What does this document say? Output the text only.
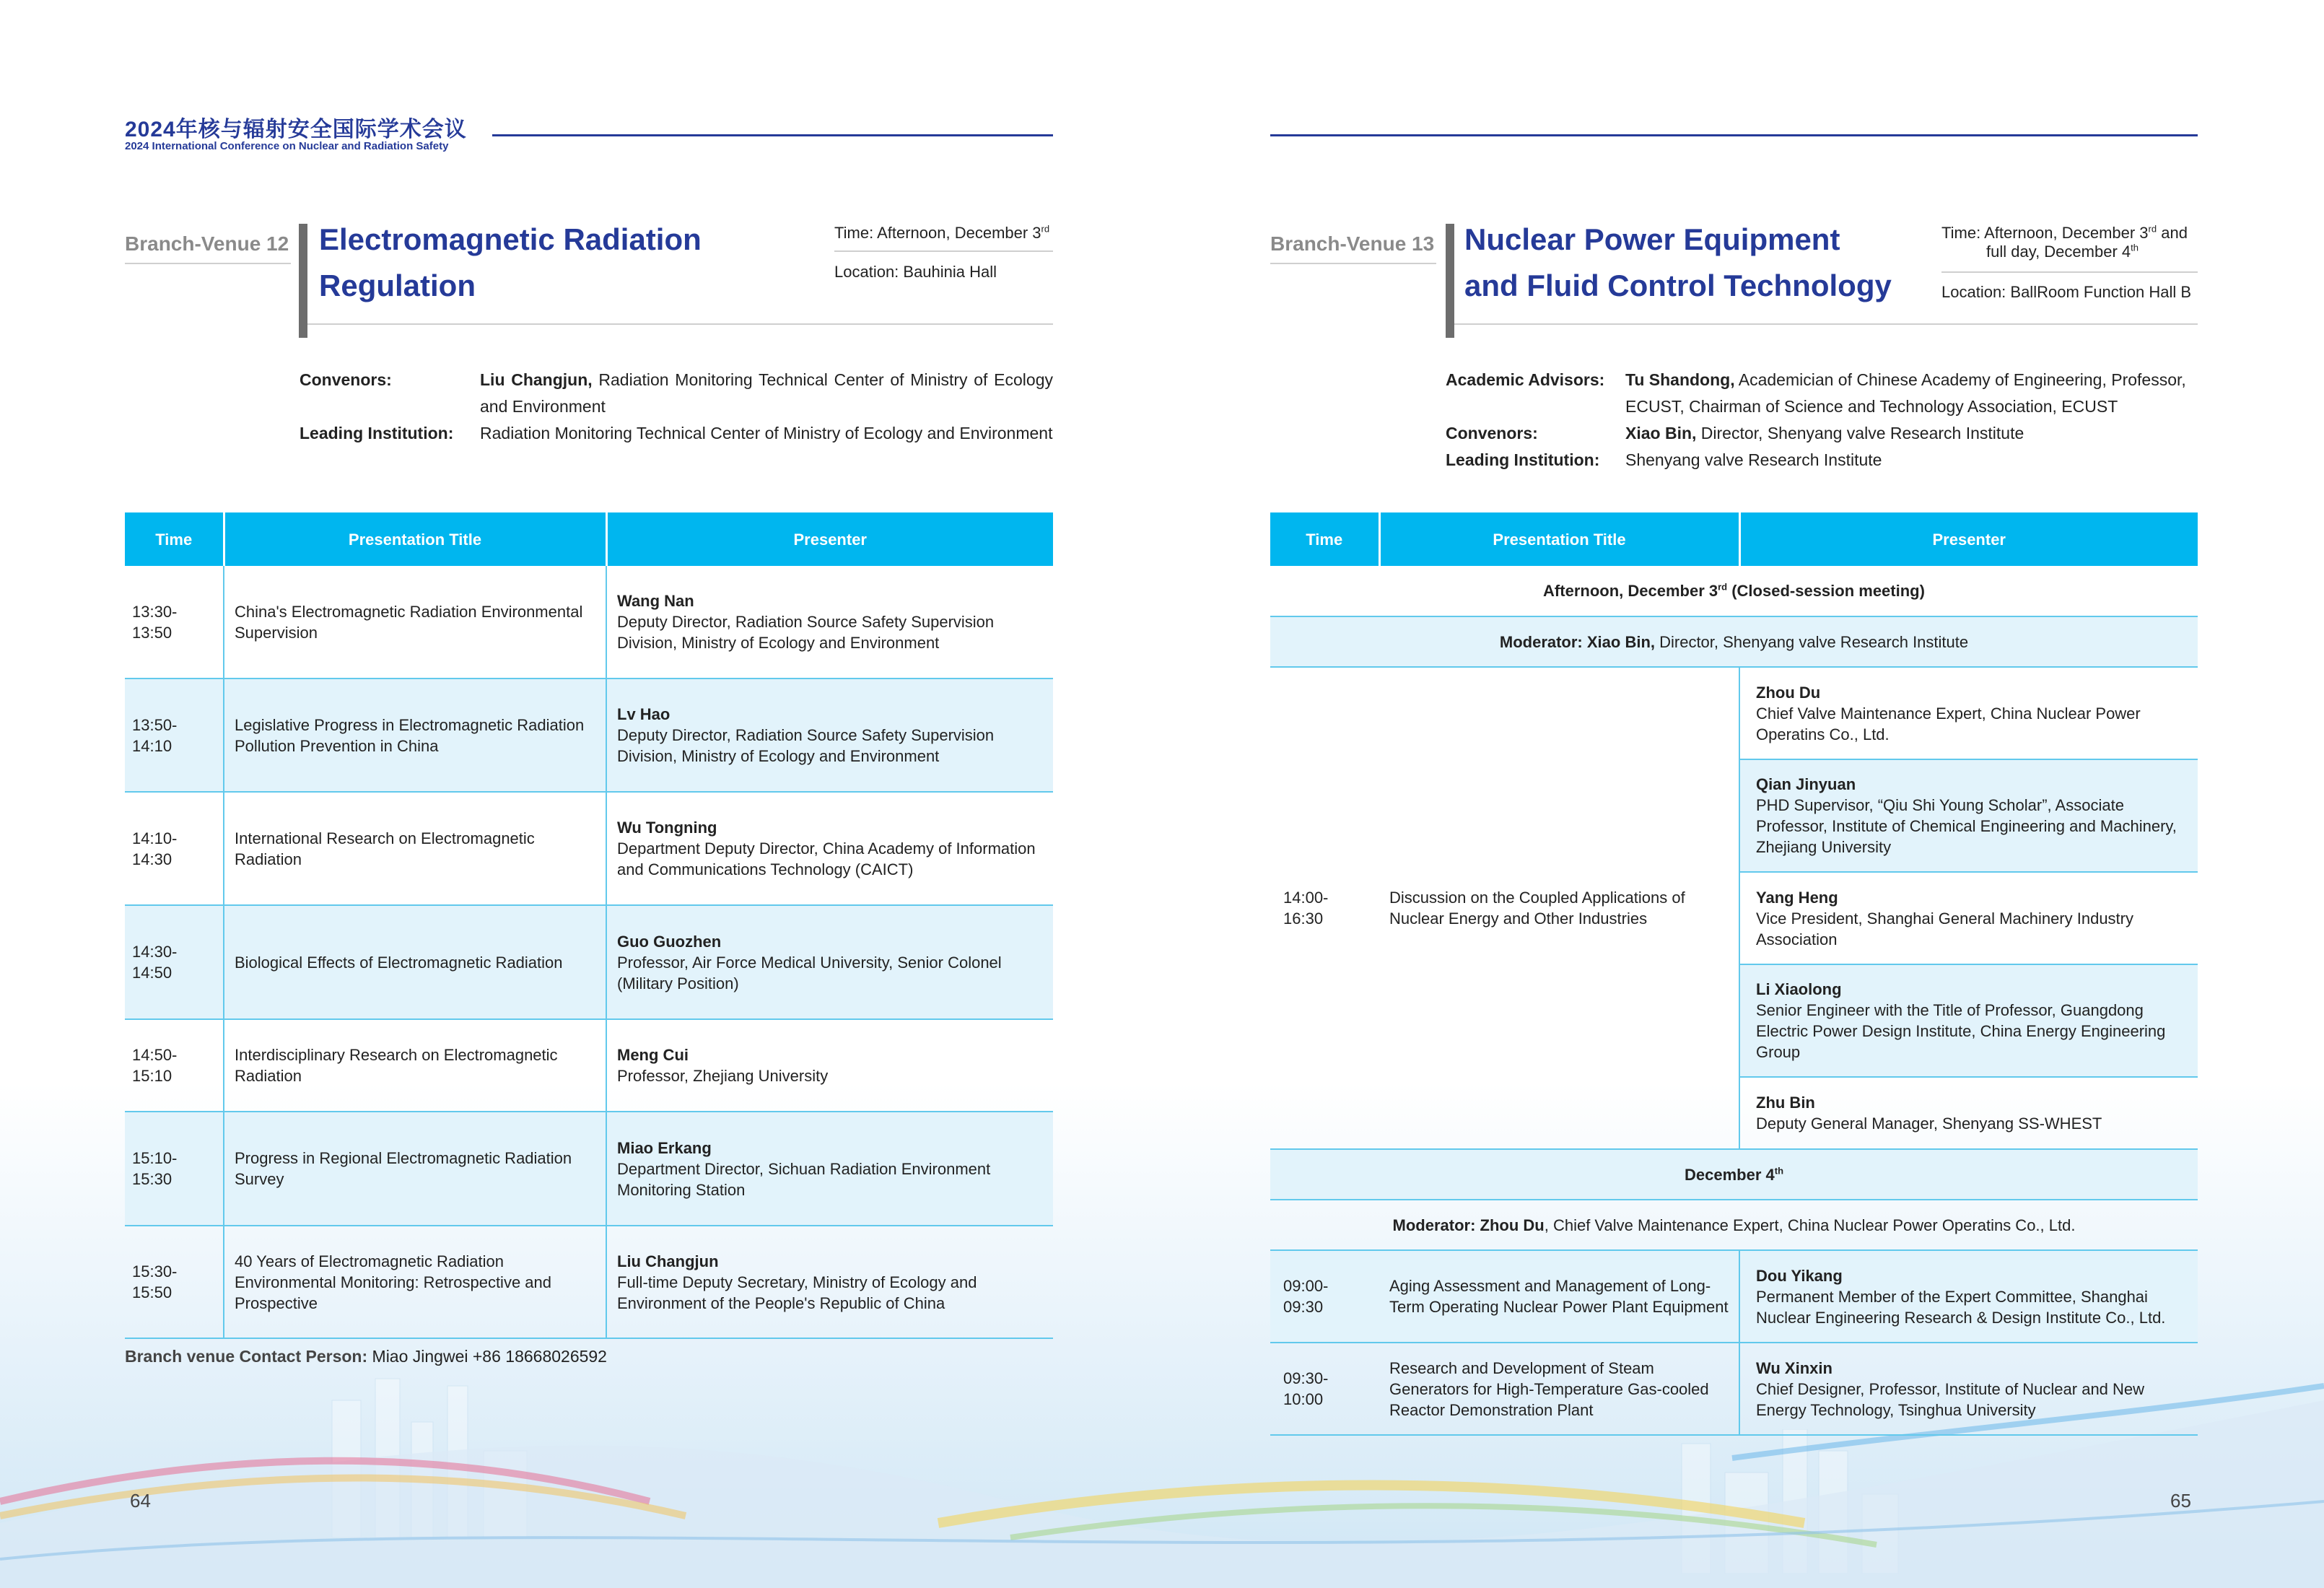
2024年核与辐射安全国际学术会议
2024 International Conference on Nuclear and Radiation Safety
Branch-Venue 12 Electromagnetic Radiation
Regulation
Time: Afternoon, December 3rd
Location: Bauhinia Hall
Convenors:	Liu Changjun, Radiation Monitoring Technical Center of Ministry of Ecology and Environment
Leading Institution:	Radiation Monitoring Technical Center of Ministry of Ecology and Environment
Time	Presentation Title	Presenter
13:30-13:50	China's Electromagnetic Radiation Environmental Supervision	Wang Nan
Deputy Director, Radiation Source Safety Supervision Division, Ministry of Ecology and Environment
13:50-14:10	Legislative Progress in Electromagnetic Radiation Pollution Prevention in China	Lv Hao
Deputy Director, Radiation Source Safety Supervision Division, Ministry of Ecology and Environment
14:10-14:30	International Research on Electromagnetic Radiation	Wu Tongning
Department Deputy Director, China Academy of Information and Communications Technology (CAICT)
14:30-14:50	Biological Effects of Electromagnetic Radiation	Guo Guozhen
Professor, Air Force Medical University, Senior Colonel (Military Position)
14:50-15:10	Interdisciplinary Research on Electromagnetic Radiation	Meng Cui
Professor, Zhejiang University
15:10-15:30	Progress in Regional Electromagnetic Radiation Survey	Miao Erkang
Department Director, Sichuan Radiation Environment Monitoring Station
15:30-15:50	40 Years of Electromagnetic Radiation Environmental Monitoring: Retrospective and Prospective	Liu Changjun
Full-time Deputy Secretary, Ministry of Ecology and Environment of the People's Republic of China
Branch venue Contact Person: Miao Jingwei +86 18668026592
64
Branch-Venue 13 Nuclear Power Equipment
and Fluid Control Technology
Time: Afternoon, December 3rd and
full day, December 4th
Location: BallRoom Function Hall B
Academic Advisors:	Tu Shandong, Academician of Chinese Academy of Engineering, Professor, ECUST, Chairman of Science and Technology Association, ECUST
Convenors:	Xiao Bin, Director, Shenyang valve Research Institute
Leading Institution:	Shenyang valve Research Institute
Time	Presentation Title	Presenter
Afternoon, December 3rd (Closed-session meeting)		
Moderator: Xiao Bin, Director, Shenyang valve Research Institute		
14:00-16:30	Discussion on the Coupled Applications of Nuclear Energy and Other Industries	Zhou Du
Chief Valve Maintenance Expert, China Nuclear Power Operatins Co., Ltd.

		Qian Jinyuan
PHD Supervisor, “Qiu Shi Young Scholar”, Associate Professor, Institute of Chemical Engineering and Machinery, Zhejiang University

		Yang Heng
Vice President, Shanghai General Machinery Industry Association

		Li Xiaolong
Senior Engineer with the Title of Professor, Guangdong Electric Power Design Institute, China Energy Engineering Group

		Zhu Bin
Deputy General Manager, Shenyang SS-WHEST
December 4th
Moderator: Zhou Du, Chief Valve Maintenance Expert, China Nuclear Power Operatins Co., Ltd.		
09:00-09:30	Aging Assessment and Management of Long-Term Operating Nuclear Power Plant Equipment	Dou Yikang
Permanent Member of the Expert Committee, Shanghai Nuclear Engineering Research & Design Institute Co., Ltd.
09:30-10:00	Research and Development of Steam Generators for High-Temperature Gas-cooled Reactor Demonstration Plant	Wu Xinxin
Chief Designer, Professor, Institute of Nuclear and New Energy Technology, Tsinghua University
65
